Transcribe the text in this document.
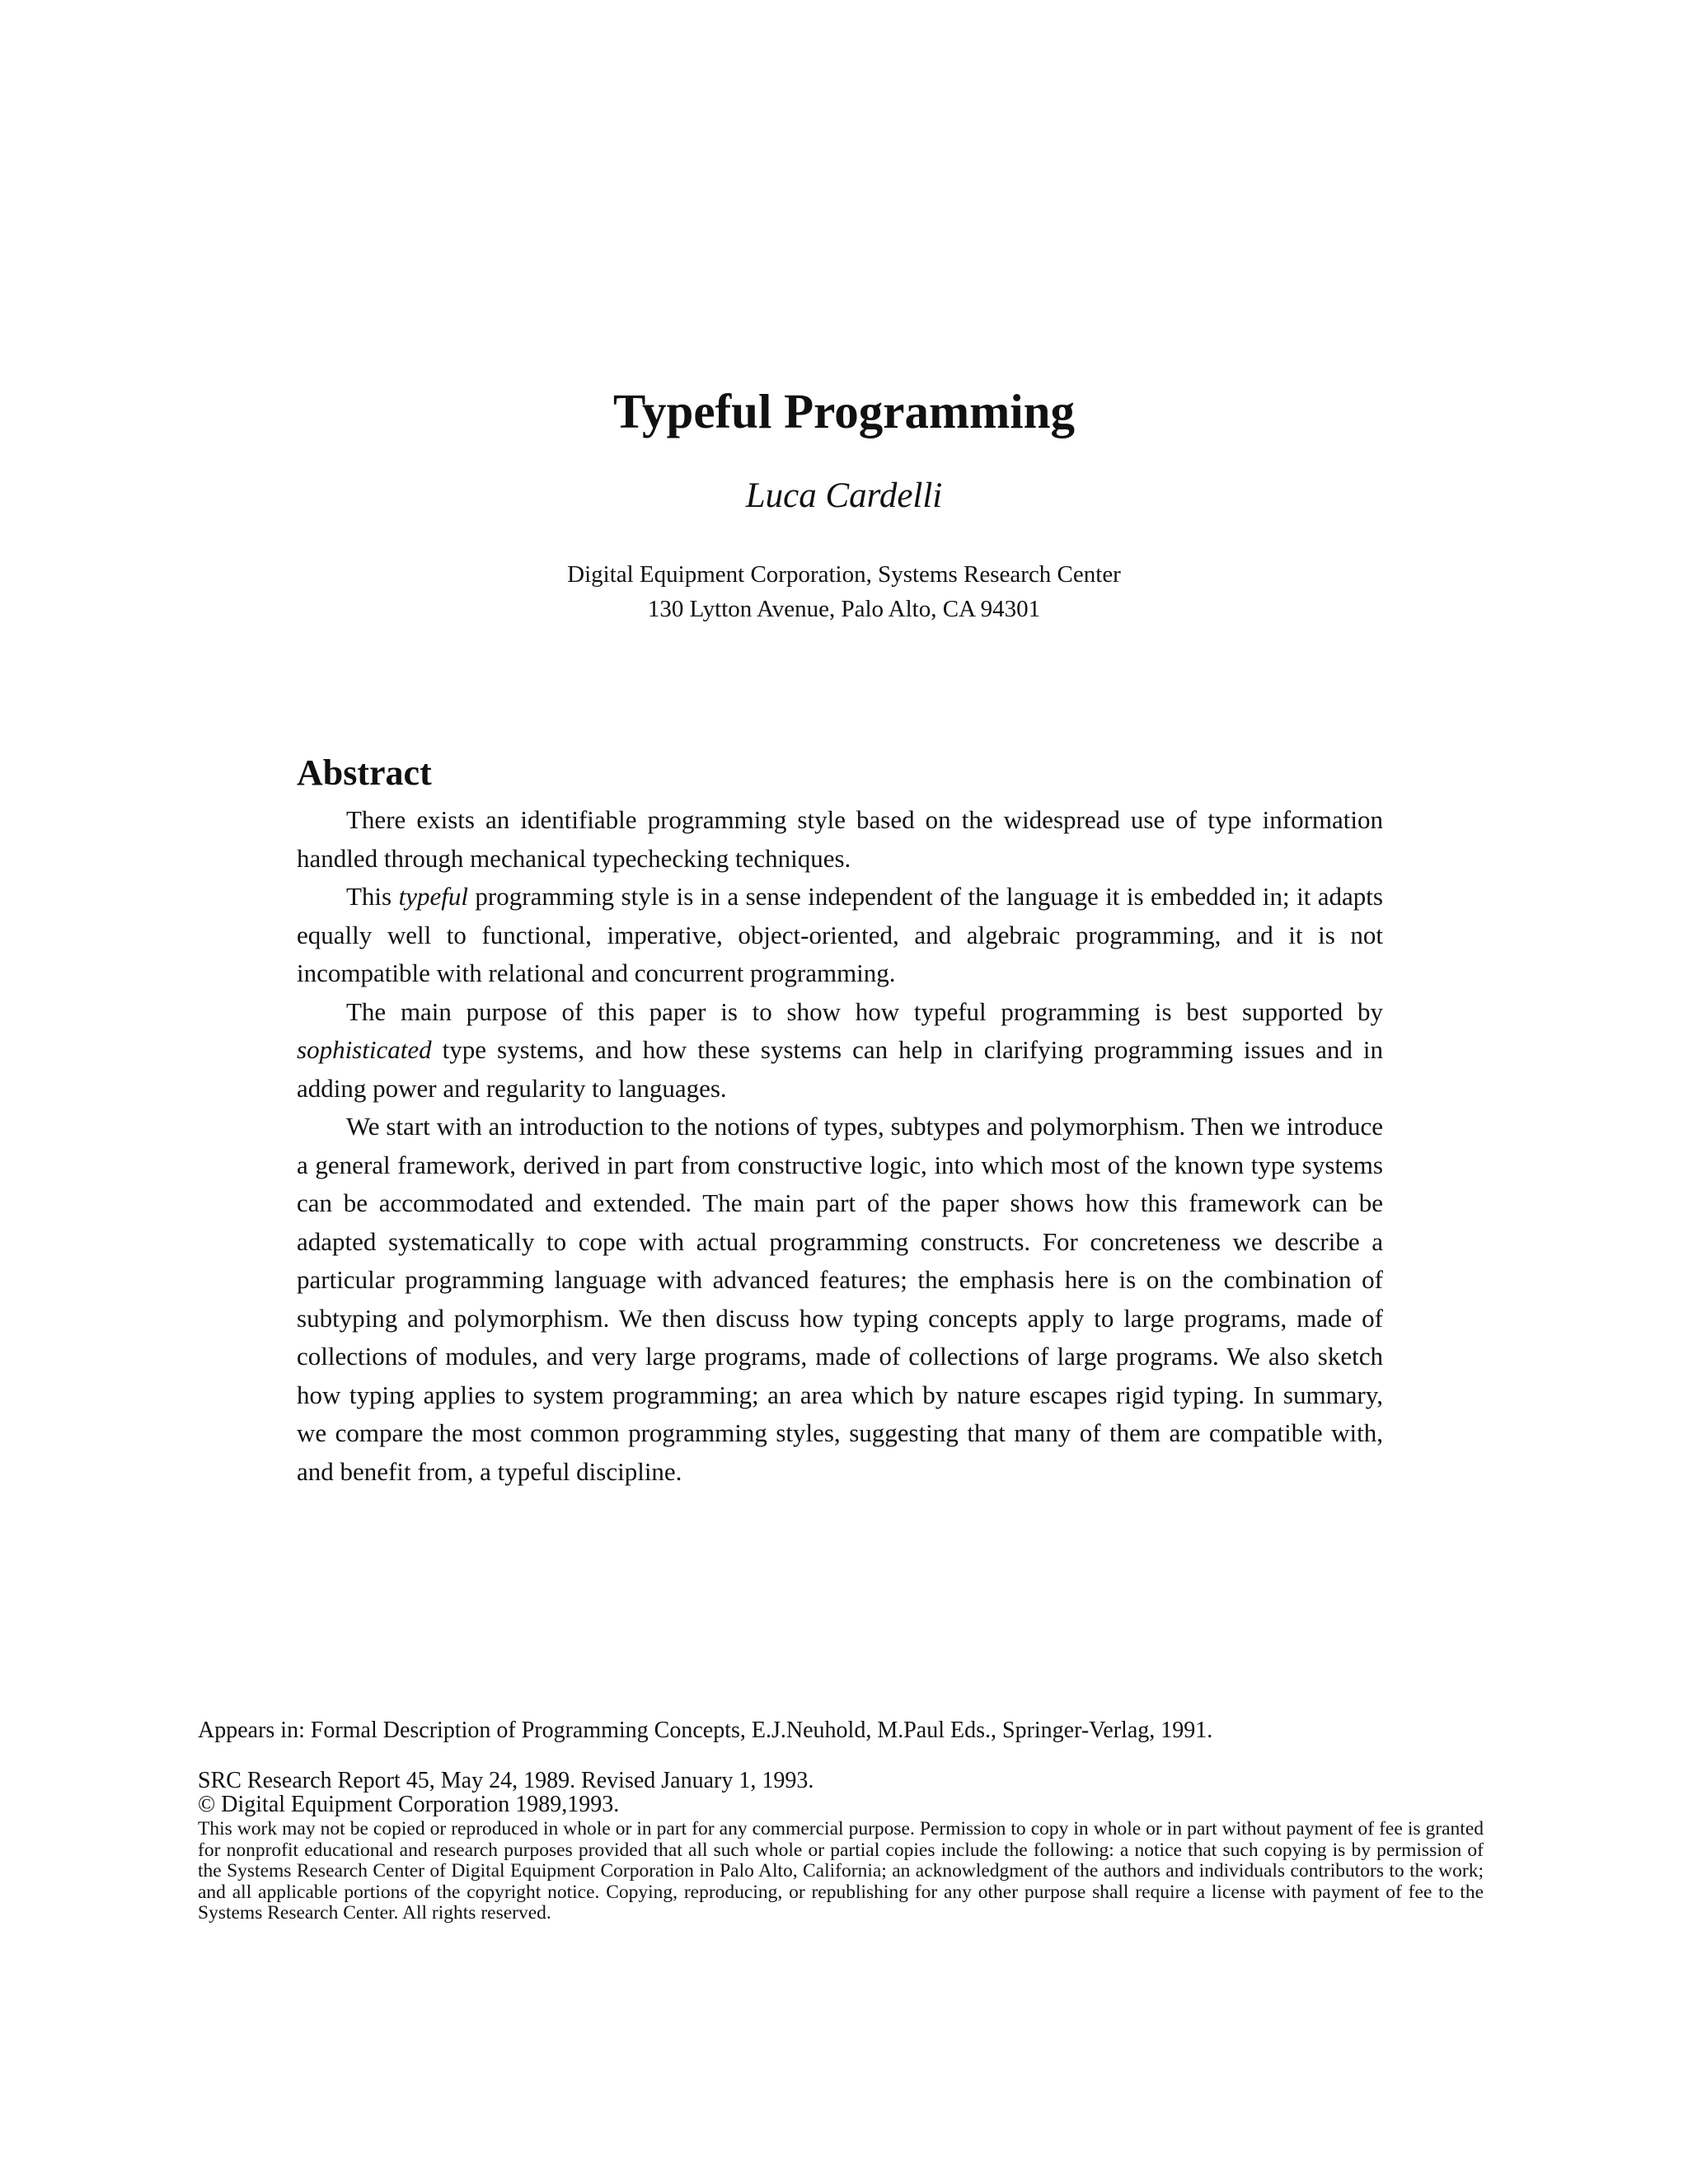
Typeful Programming
Luca Cardelli
Digital Equipment Corporation, Systems Research Center
130 Lytton Avenue, Palo Alto, CA 94301
Abstract

There exists an identifiable programming style based on the widespread use of type information handled through mechanical typechecking techniques.

This typeful programming style is in a sense independent of the language it is embedded in; it adapts equally well to functional, imperative, object-oriented, and algebraic programming, and it is not incompatible with relational and concurrent programming.

The main purpose of this paper is to show how typeful programming is best supported by sophisticated type systems, and how these systems can help in clarifying programming issues and in adding power and regularity to languages.

We start with an introduction to the notions of types, subtypes and polymorphism. Then we introduce a general framework, derived in part from constructive logic, into which most of the known type systems can be accommodated and extended. The main part of the paper shows how this framework can be adapted systematically to cope with actual programming constructs. For concreteness we describe a particular programming language with advanced features; the emphasis here is on the combination of subtyping and polymorphism. We then discuss how typing concepts apply to large programs, made of collections of modules, and very large programs, made of collections of large programs. We also sketch how typing applies to system programming; an area which by nature escapes rigid typing. In summary, we compare the most common programming styles, suggesting that many of them are compatible with, and benefit from, a typeful discipline.

Appears in: Formal Description of Programming Concepts, E.J.Neuhold, M.Paul Eds., Springer-Verlag, 1991.
SRC Research Report 45, May 24, 1989. Revised January 1, 1993.
© Digital Equipment Corporation 1989,1993.
This work may not be copied or reproduced in whole or in part for any commercial purpose. Permission to copy in whole or in part without payment of fee is granted for nonprofit educational and research purposes provided that all such whole or partial copies include the following: a notice that such copying is by permission of the Systems Research Center of Digital Equipment Corporation in Palo Alto, California; an acknowledgment of the authors and individuals contributors to the work; and all applicable portions of the copyright notice. Copying, reproducing, or republishing for any other purpose shall require a license with payment of fee to the Systems Research Center. All rights reserved.
